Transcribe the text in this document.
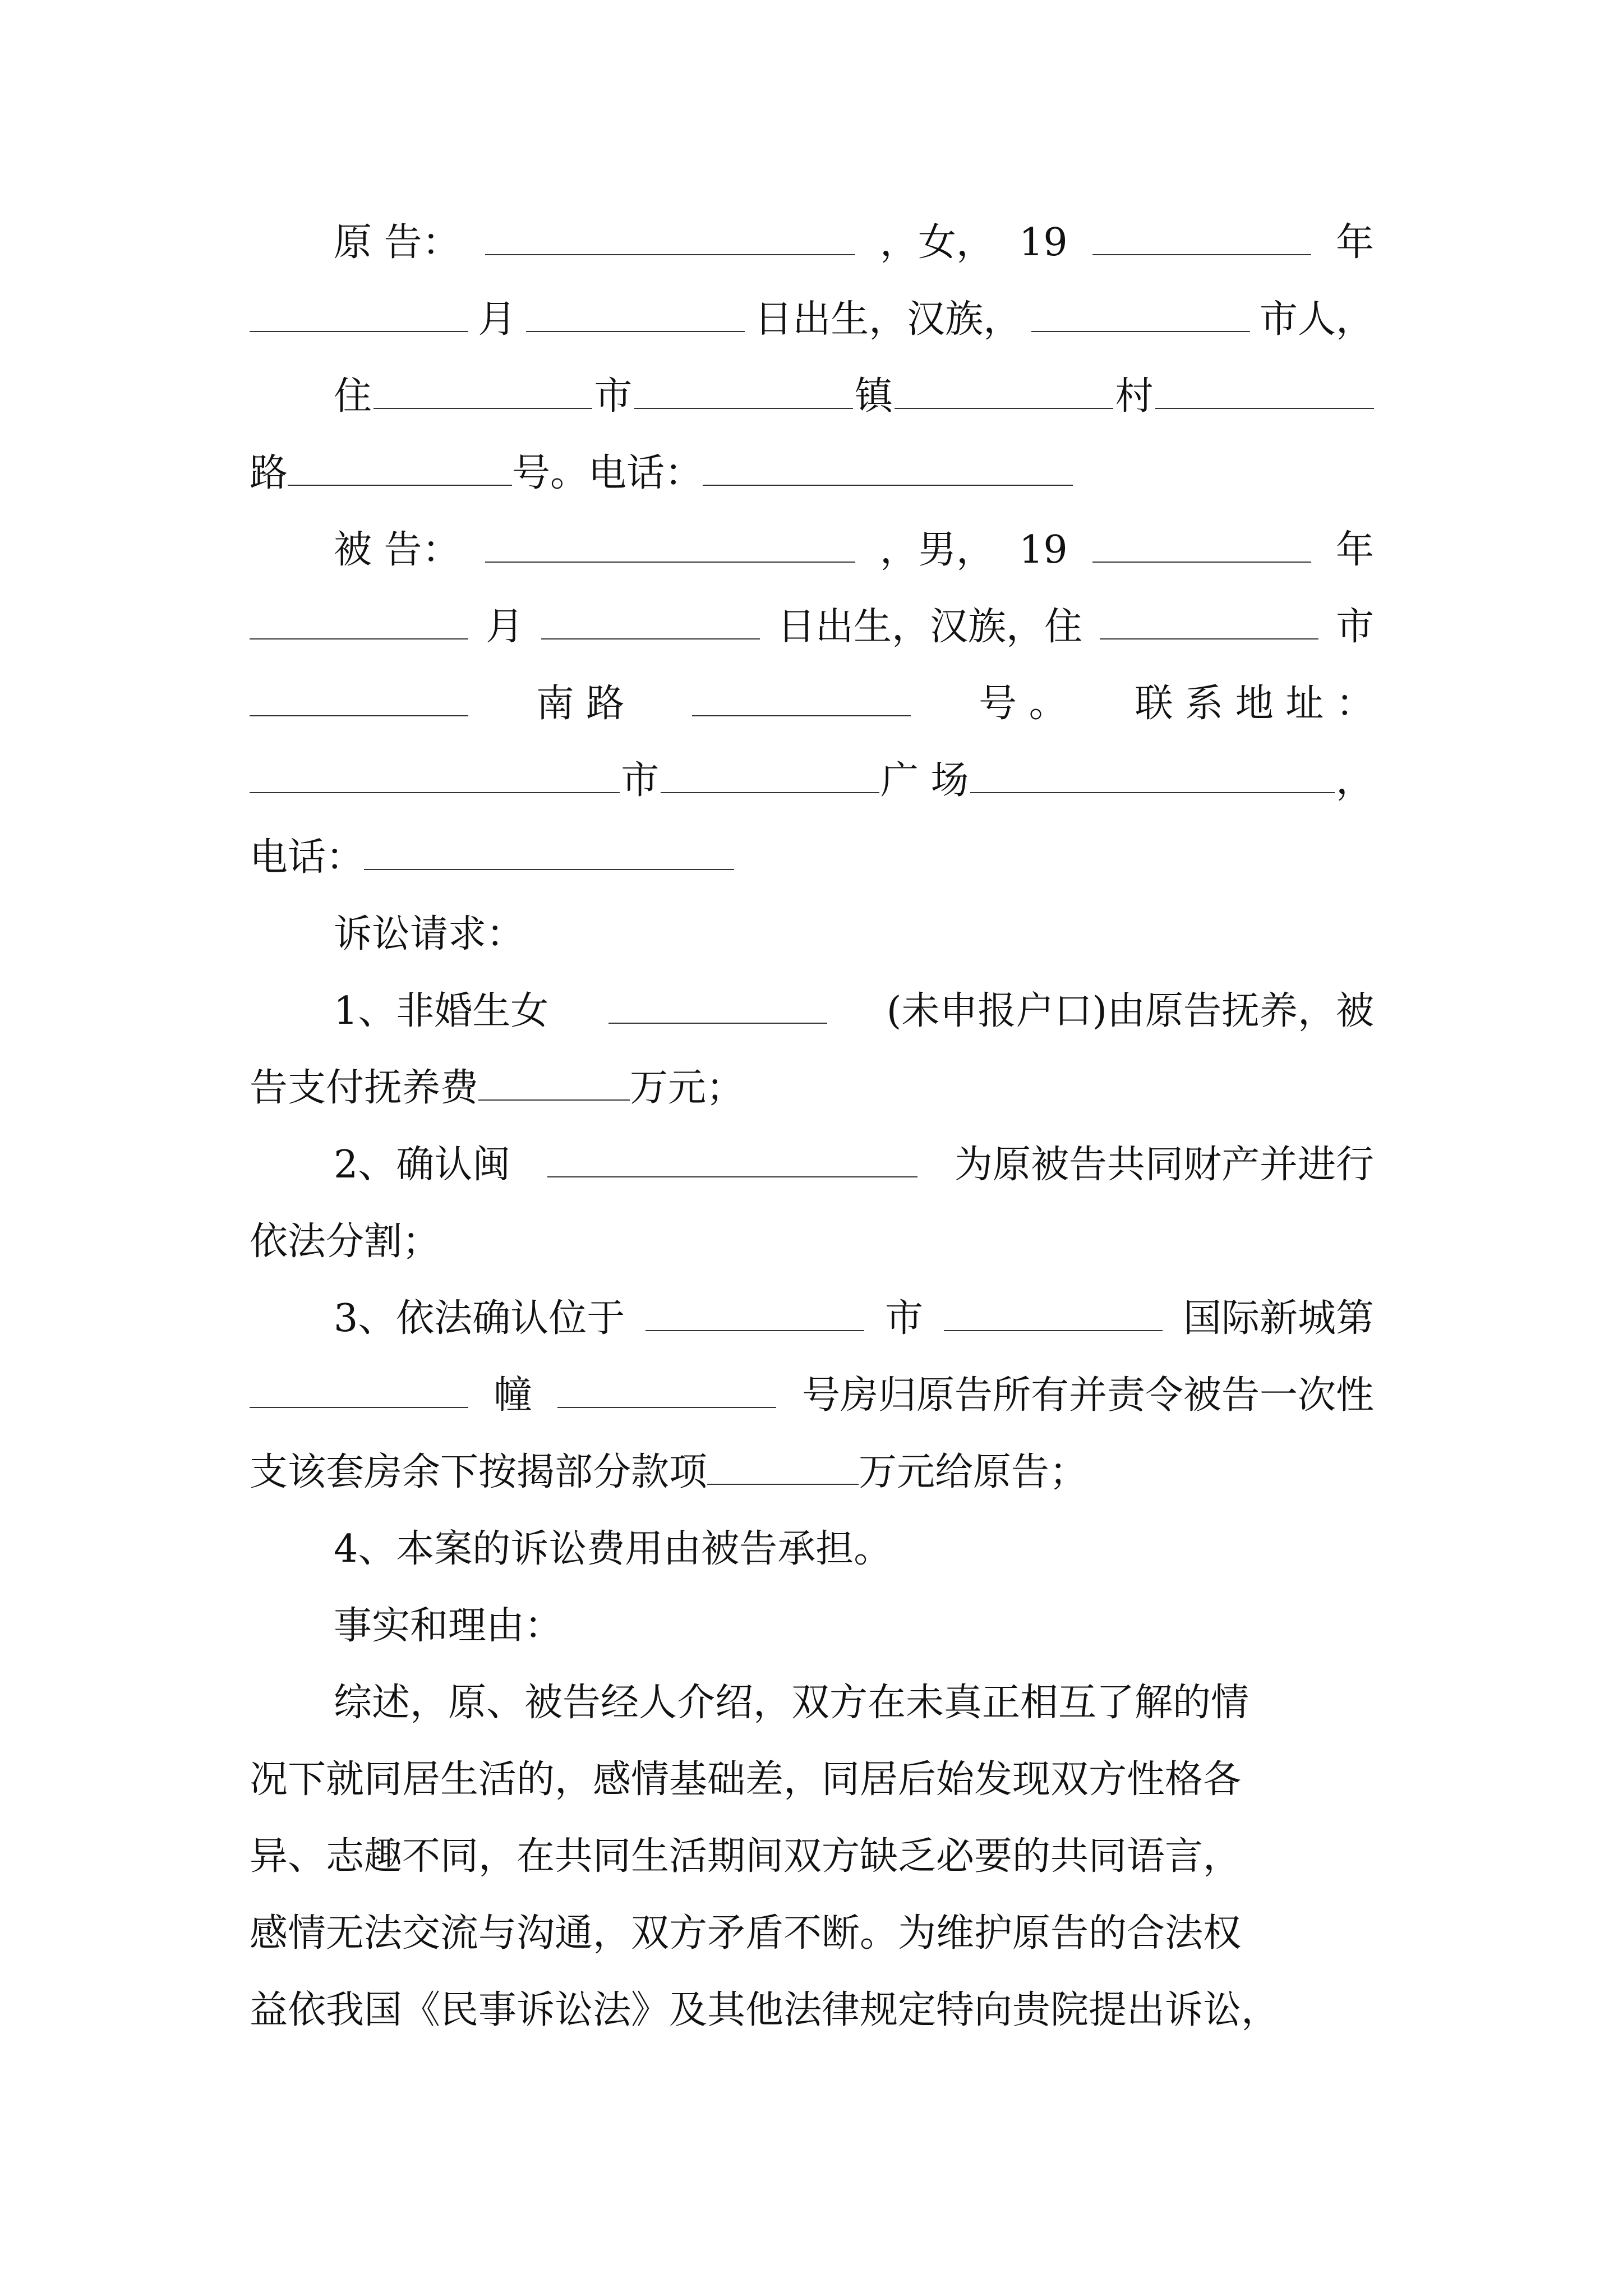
原 告：	，女， 19	年
月	日出生，汉族，	市人，
住	市	镇	村
路	号。电话：
被 告：	，男， 19	年
月	日出生，汉族，住	市
南 路	号 。 联 系 地 址 ：
市	广 场	，
电话：
诉讼请求：
1、非婚生女	(未申报户口)由原告抚养，被
告支付抚养费	万元；
2、确认闽	为原被告共同财产并进行
依法分割；
3、依法确认位于	市	国际新城第
幢	号房归原告所有并责令被告一次性
支该套房余下按揭部分款项	万元给原告；
4、本案的诉讼费用由被告承担。
事实和理由：
综述，原、被告经人介绍，双方在未真正相互了解的情
况下就同居生活的，感情基础差，同居后始发现双方性格各
异、志趣不同，在共同生活期间双方缺乏必要的共同语言，
感情无法交流与沟通，双方矛盾不断。为维护原告的合法权
益依我国《民事诉讼法》及其他法律规定特向贵院提出诉讼，
